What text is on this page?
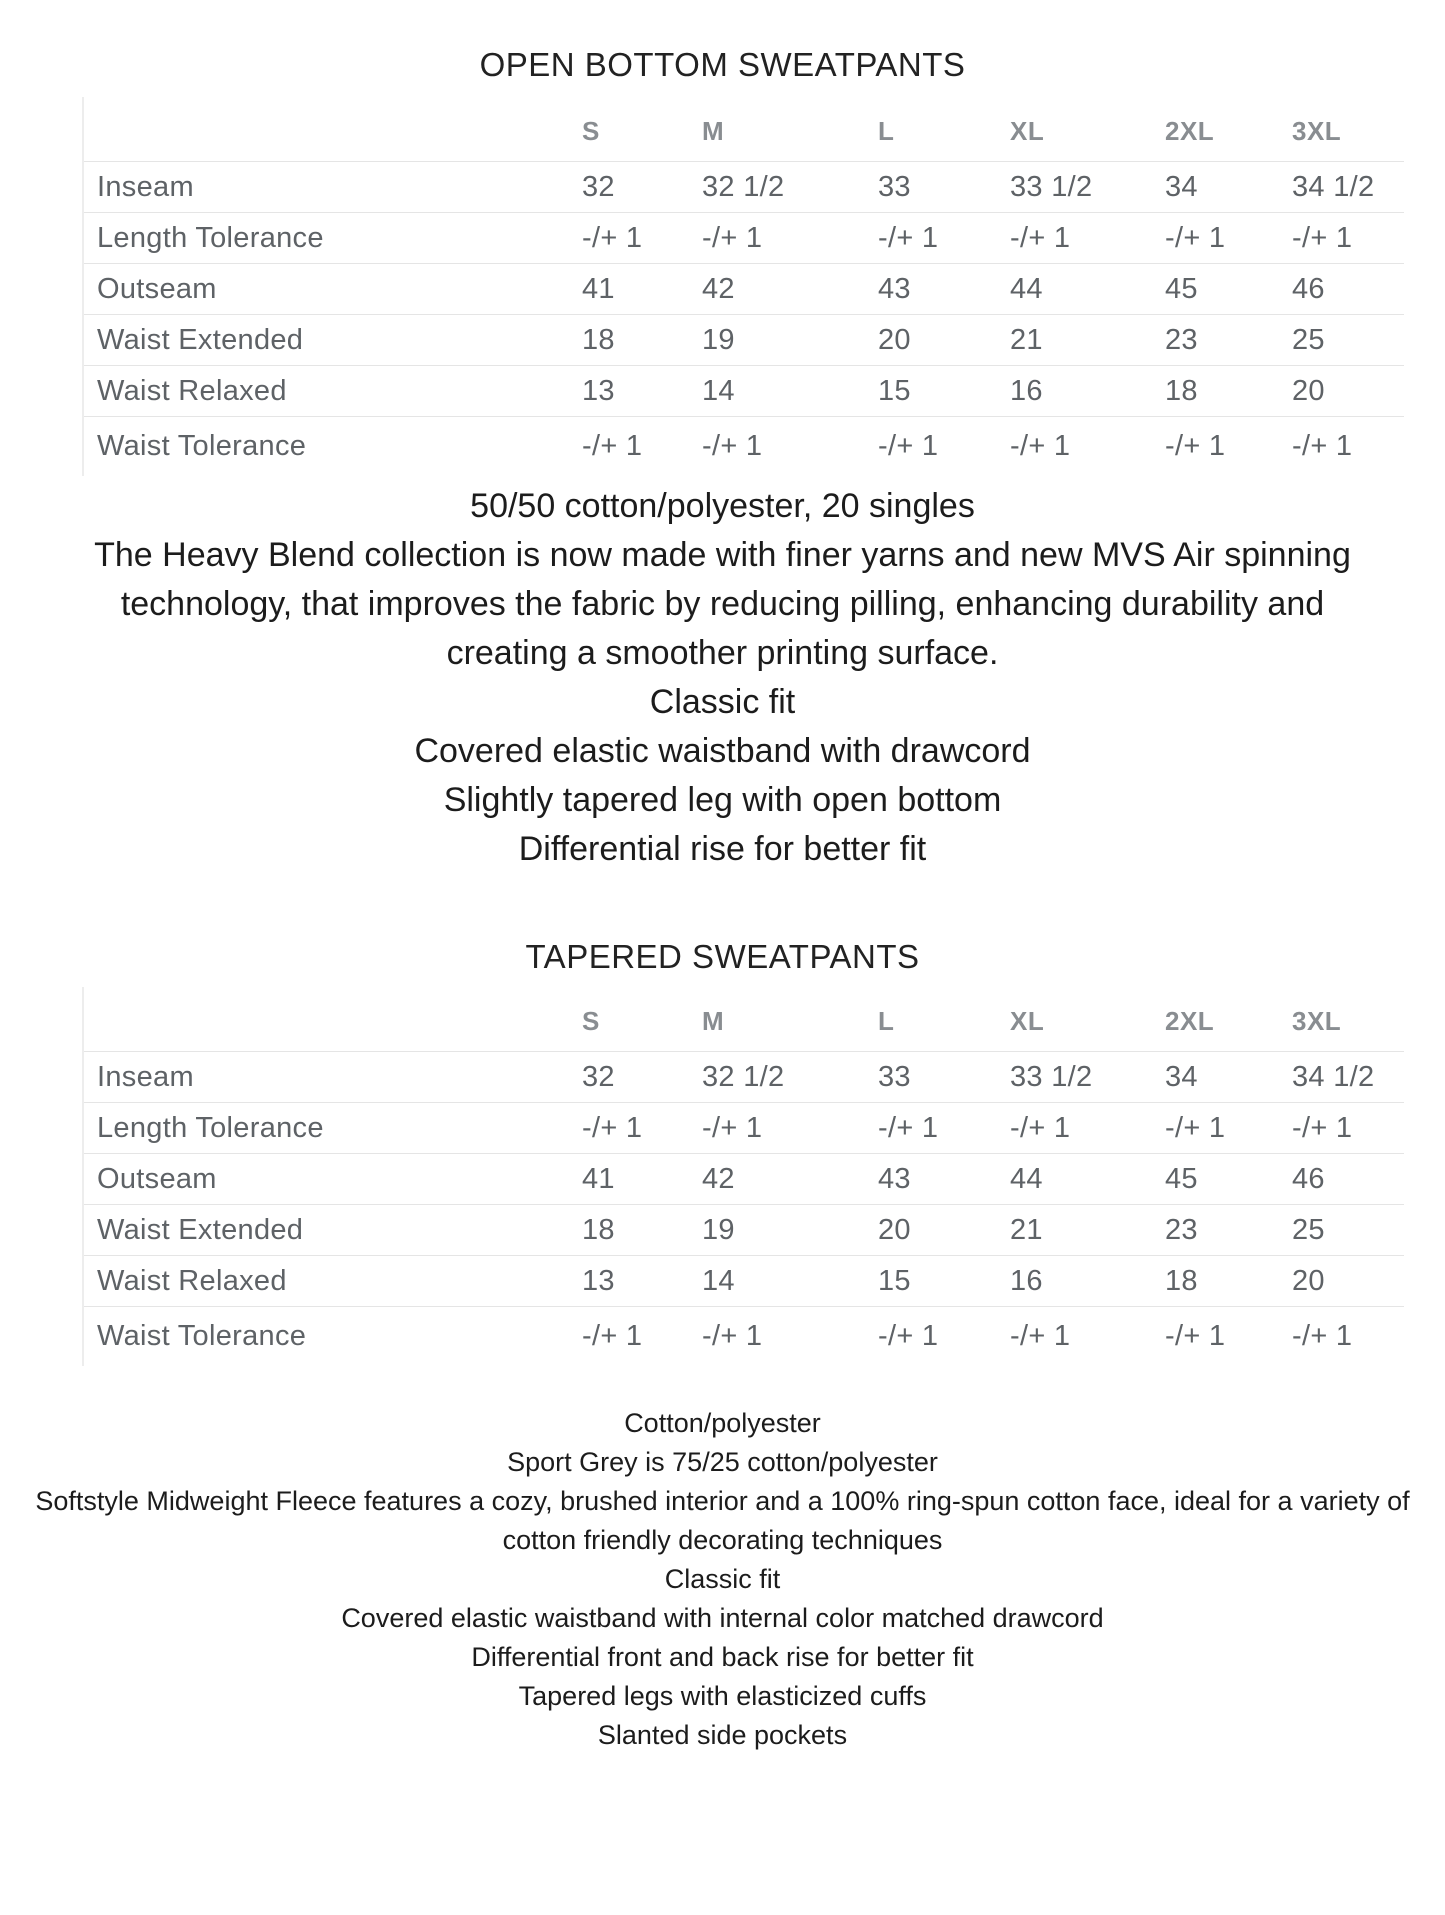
OPEN BOTTOM SWEATPANTS
	S	M	L	XL	2XL	3XL
Inseam	32	32 1/2	33	33 1/2	34	34 1/2
Length Tolerance	-/+ 1	-/+ 1	-/+ 1	-/+ 1	-/+ 1	-/+ 1
Outseam	41	42	43	44	45	46
Waist Extended	18	19	20	21	23	25
Waist Relaxed	13	14	15	16	18	20
Waist Tolerance	-/+ 1	-/+ 1	-/+ 1	-/+ 1	-/+ 1	-/+ 1

50/50 cotton/polyester, 20 singles

The Heavy Blend collection is now made with finer yarns and new MVS Air spinning technology, that improves the fabric by reducing pilling, enhancing durability and creating a smoother printing surface.

Classic fit

Covered elastic waistband with drawcord

Slightly tapered leg with open bottom

Differential rise for better fit

TAPERED SWEATPANTS
	S	M	L	XL	2XL	3XL
Inseam	32	32 1/2	33	33 1/2	34	34 1/2
Length Tolerance	-/+ 1	-/+ 1	-/+ 1	-/+ 1	-/+ 1	-/+ 1
Outseam	41	42	43	44	45	46
Waist Extended	18	19	20	21	23	25
Waist Relaxed	13	14	15	16	18	20
Waist Tolerance	-/+ 1	-/+ 1	-/+ 1	-/+ 1	-/+ 1	-/+ 1

Cotton/polyester

Sport Grey is 75/25 cotton/polyester

Softstyle Midweight Fleece features a cozy, brushed interior and a 100% ring-spun cotton face, ideal for a variety of cotton friendly decorating techniques

Classic fit

Covered elastic waistband with internal color matched drawcord

Differential front and back rise for better fit

Tapered legs with elasticized cuffs

Slanted side pockets
